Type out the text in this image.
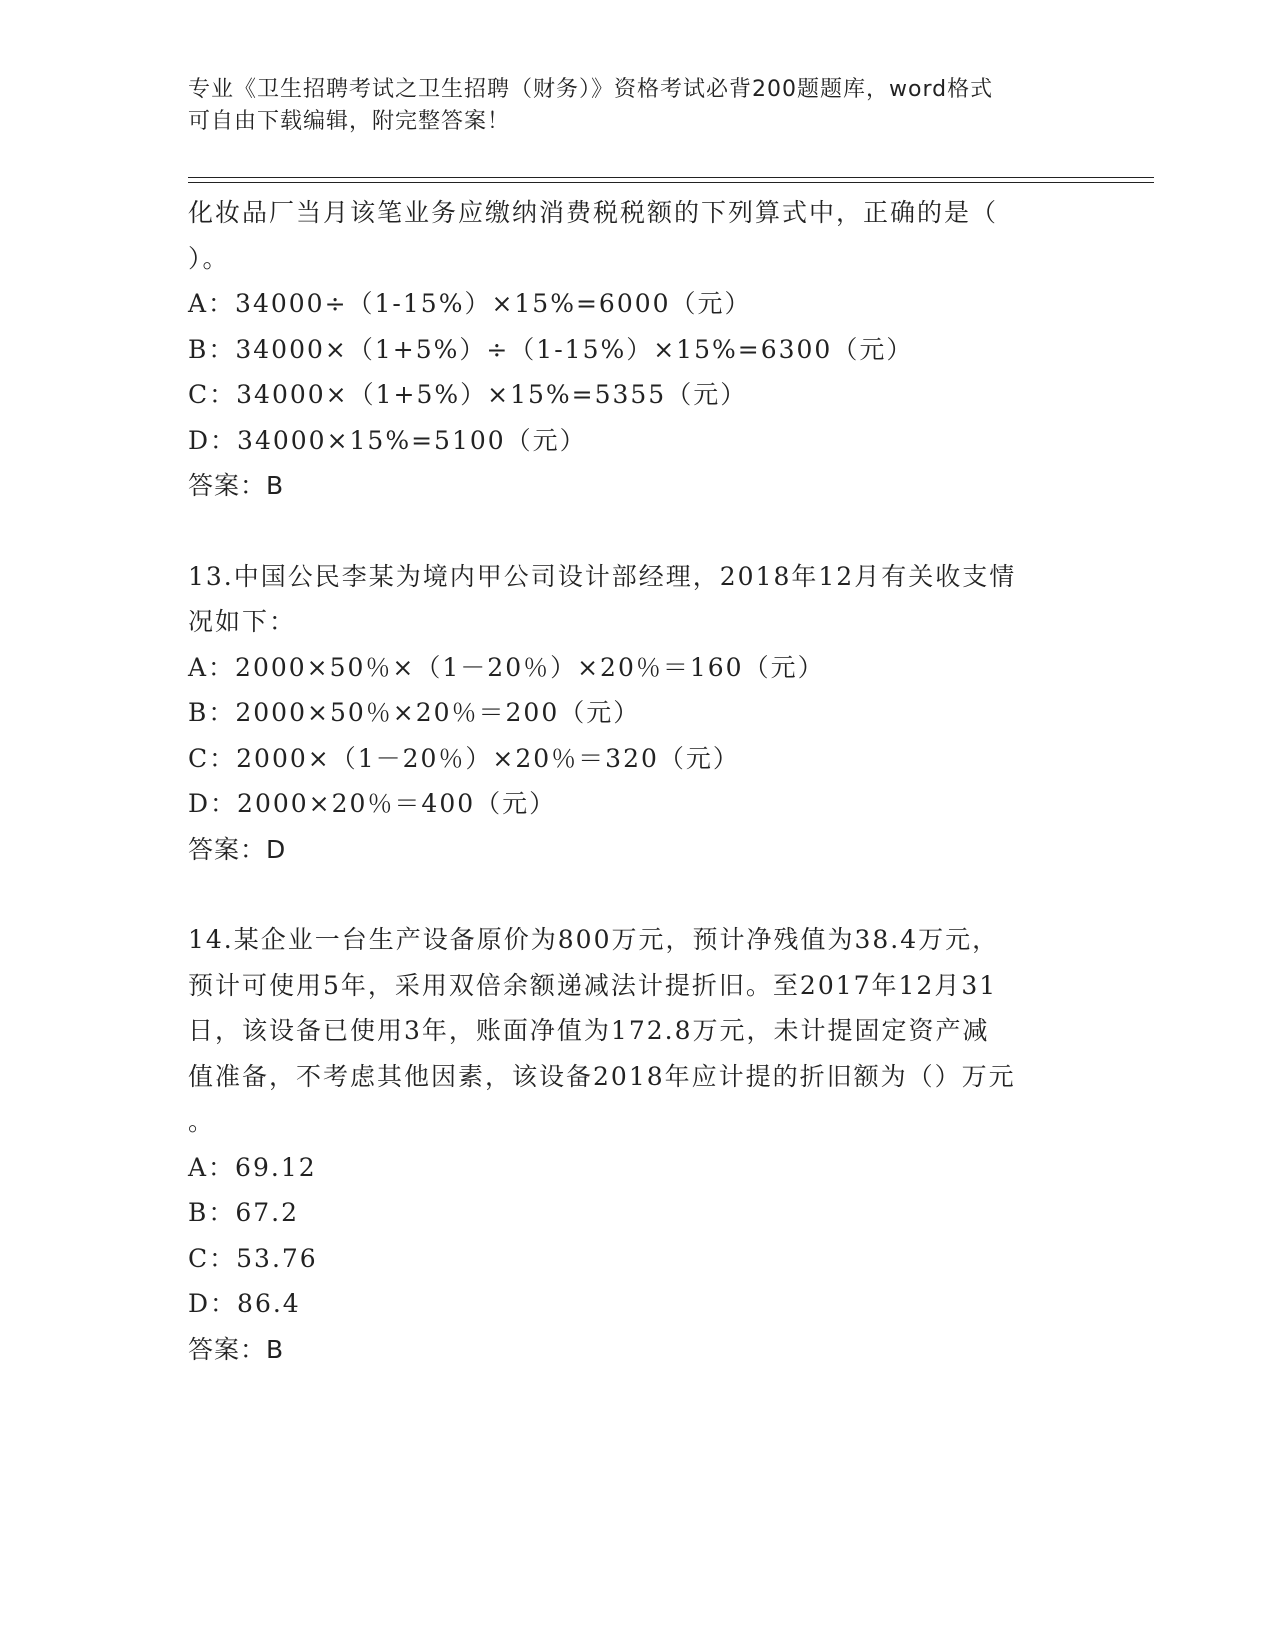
专业《卫生招聘考试之卫生招聘（财务）》资格考试必背200题题库，word格式
可自由下载编辑，附完整答案！
化妆品厂当月该笔业务应缴纳消费税税额的下列算式中，正确的是（
）。
A：34000÷（1-15%）×15%=6000（元）
B：34000×（1+5%）÷（1-15%）×15%=6300（元）
C：34000×（1+5%）×15%=5355（元）
D：34000×15%=5100（元）
答案：B
13.中国公民李某为境内甲公司设计部经理，2018年12月有关收支情
况如下：
A：2000×50％×（1－20％）×20％＝160（元）
B：2000×50％×20％＝200（元）
C：2000×（1－20％）×20％＝320（元）
D：2000×20％＝400（元）
答案：D
14.某企业一台生产设备原价为800万元，预计净残值为38.4万元，
预计可使用5年，采用双倍余额递减法计提折旧。至2017年12月31
日，该设备已使用3年，账面净值为172.8万元，未计提固定资产减
值准备，不考虑其他因素，该设备2018年应计提的折旧额为（）万元
。
A：69.12
B：67.2
C：53.76
D：86.4
答案：B
